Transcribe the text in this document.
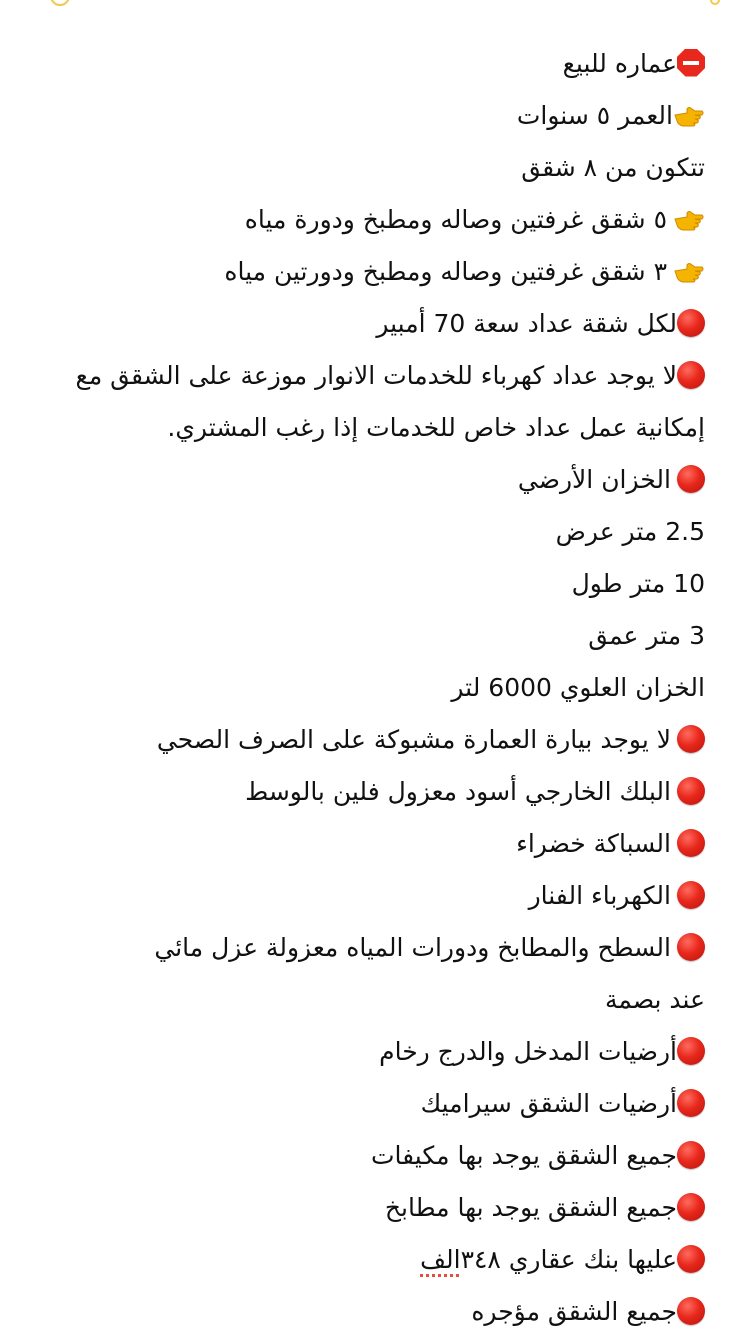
عماره للبيع
العمر ٥ سنوات
تتكون من ٨ شقق
٥ شقق غرفتين وصاله ومطبخ ودورة مياه
٣ شقق غرفتين وصاله ومطبخ ودورتين مياه
لكل شقة عداد سعة 70 أمبير
لا يوجد عداد كهرباء للخدمات الانوار موزعة على الشقق مع إمكانية عمل عداد خاص للخدمات إذا رغب المشتري.
الخزان الأرضي
2.5 متر عرض
10 متر طول
3 متر عمق
الخزان العلوي 6000 لتر
لا يوجد بيارة العمارة مشبوكة على الصرف الصحي
البلك الخارجي أسود معزول فلين بالوسط
السباكة خضراء
الكهرباء الفنار
السطح والمطابخ ودورات المياه معزولة عزل مائي
عند بصمة
أرضيات المدخل والدرج رخام
أرضيات الشقق سيراميك
جميع الشقق يوجد بها مكيفات
جميع الشقق يوجد بها مطابخ
عليها بنك عقاري ٣٤٨الف
جميع الشقق مؤجره
